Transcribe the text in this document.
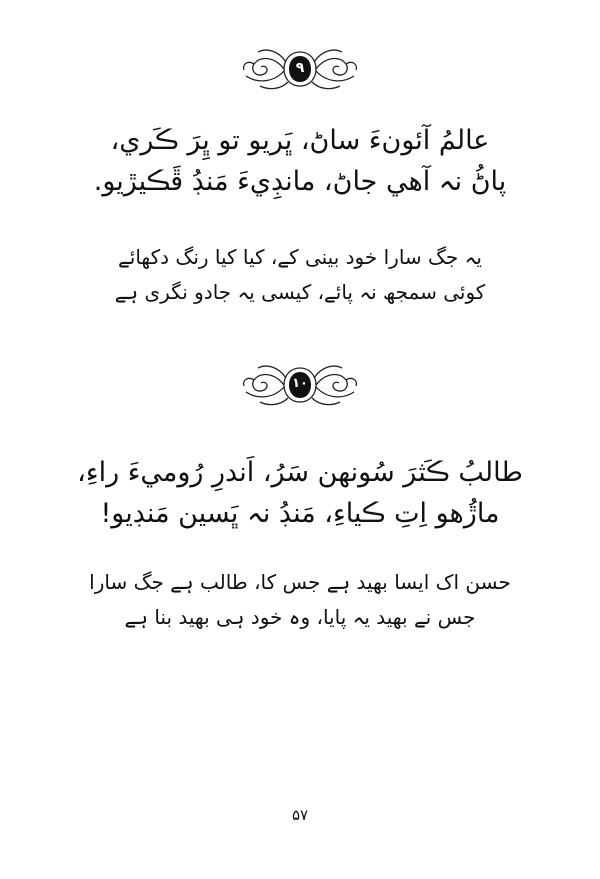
۹
عالمُ آئونءَ ساڻ، ڀَريو تو ڀِرَ ڪَري،
پاڻُ نہ آهي جاڻ، مانڊِيءَ مَنڊُ ڦَڪيڙيو.
یہ جگ سارا خود بینی کے، کیا کیا رنگ دکھائے
کوئی سمجھ نہ پائے، کیسی یہ جادو نگری ہے
۱۰
طالبُ ڪَثرَ سُونهن سَرُ، اَندرِ رُوميءَ راءِ،
ماڙُهو اِتِ ڪياءِ، مَنڊُ نہ ڀَسين مَنڊيو!
حسن اک ایسا بھید ہے جس کا، طالب ہے جگ سارا
جس نے بھید یہ پایا، وہ خود ہی بھید بنا ہے
۵۷
